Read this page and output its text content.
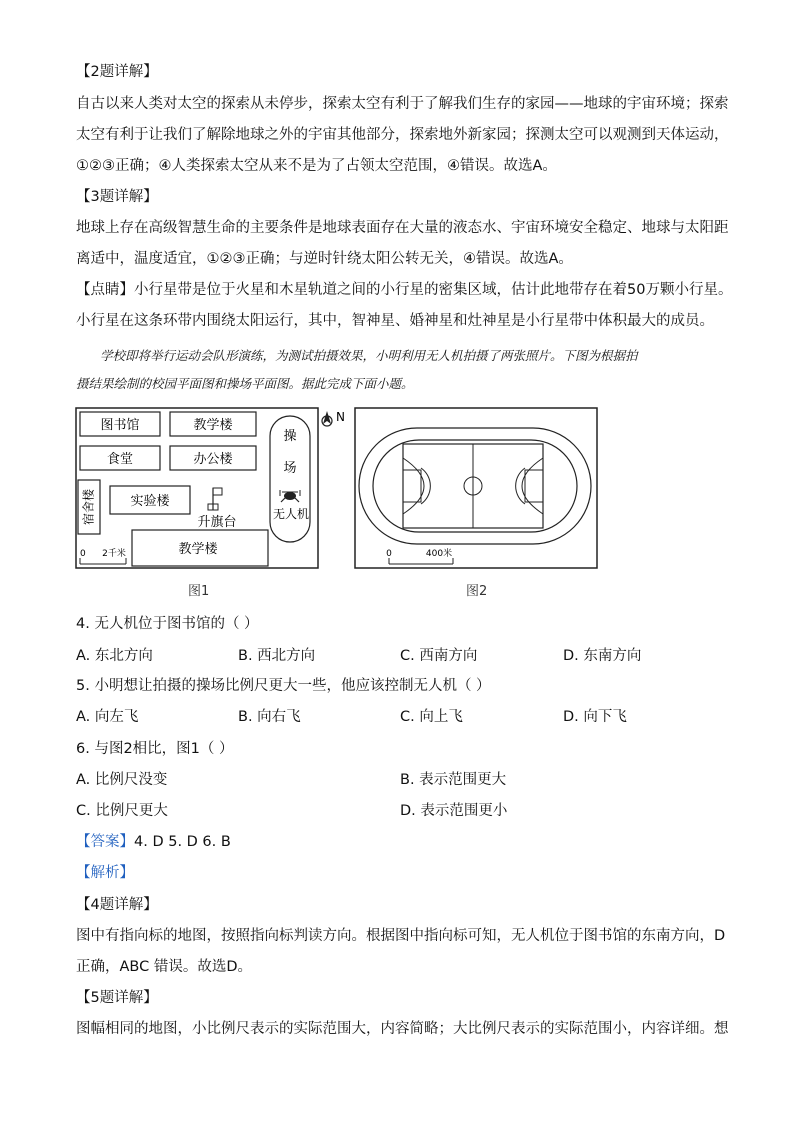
【2题详解】
自古以来人类对太空的探索从未停步，探索太空有利于了解我们生存的家园——地球的宇宙环境；探索
太空有利于让我们了解除地球之外的宇宙其他部分，探索地外新家园；探测太空可以观测到天体运动，
①②③正确；④人类探索太空从来不是为了占领太空范围，④错误。故选A。
【3题详解】
地球上存在高级智慧生命的主要条件是地球表面存在大量的液态水、宇宙环境安全稳定、地球与太阳距
离适中，温度适宜，①②③正确；与逆时针绕太阳公转无关，④错误。故选A。
【点睛】小行星带是位于火星和木星轨道之间的小行星的密集区域，估计此地带存在着50万颗小行星。
小行星在这条环带内围绕太阳运行，其中，智神星、婚神星和灶神星是小行星带中体积最大的成员。
学校即将举行运动会队形演练，为测试拍摄效果，小明利用无人机拍摄了两张照片。下图为根据拍
摄结果绘制的校园平面图和操场平面图。据此完成下面小题。
图书馆	教学楼
食堂	办公楼
宿舍楼	实验楼
升旗台
教学楼
0 2千米
操
场
无人机
N
0	400米
图1	图2
4. 无人机位于图书馆的（ ）
A. 东北方向	B. 西北方向	C. 西南方向	D. 东南方向
5. 小明想让拍摄的操场比例尺更大一些，他应该控制无人机（ ）
A. 向左飞	B. 向右飞	C. 向上飞	D. 向下飞
6. 与图2相比，图1（ ）
A. 比例尺没变	B. 表示范围更大
C. 比例尺更大	D. 表示范围更小
【答案】4. D 5. D 6. B
【解析】
【4题详解】
图中有指向标的地图，按照指向标判读方向。根据图中指向标可知，无人机位于图书馆的东南方向，D
正确，ABC 错误。故选D。
【5题详解】
图幅相同的地图，小比例尺表示的实际范围大，内容简略；大比例尺表示的实际范围小，内容详细。想
